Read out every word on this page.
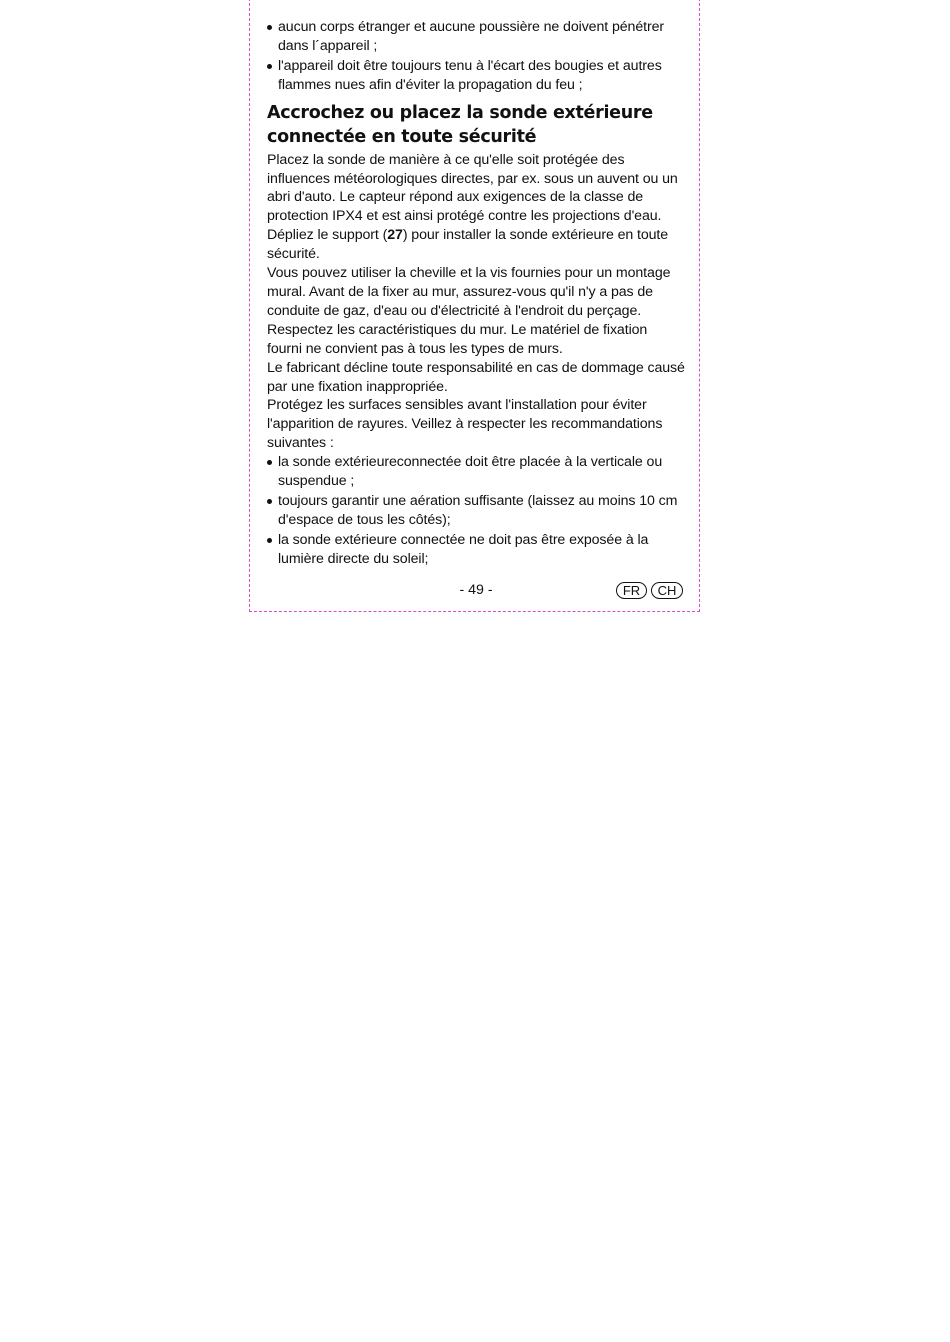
aucun corps étranger et aucune poussière ne doivent pénétrer dans l´appareil ;
l'appareil doit être toujours tenu à l'écart des bougies et autres flammes nues afin d'éviter la propagation du feu ;
Accrochez ou placez la sonde extérieure
connectée en toute sécurité

Placez la sonde de manière à ce qu'elle soit protégée des influences météorologiques directes, par ex. sous un auvent ou un abri d'auto. Le capteur répond aux exigences de la classe de protection IPX4 et est ainsi protégé contre les projections d'eau.

Dépliez le support (27) pour installer la sonde extérieure en toute sécurité.

Vous pouvez utiliser la cheville et la vis fournies pour un montage mural. Avant de la fixer au mur, assurez-vous qu'il n'y a pas de conduite de gaz, d'eau ou d'électricité à l'endroit du perçage. Respectez les caractéristiques du mur. Le matériel de fixation fourni ne convient pas à tous les types de murs.

Le fabricant décline toute responsabilité en cas de dommage causé par une fixation inappropriée.

Protégez les surfaces sensibles avant l'installation pour éviter l'apparition de rayures. Veillez à respecter les recommandations suivantes :

la sonde extérieureconnectée doit être placée à la verticale ou suspendue ;
toujours garantir une aération suffisante (laissez au moins 10 cm d'espace de tous les côtés);
la sonde extérieure connectée ne doit pas être exposée à la lumière directe du soleil;
- 49 -	FR	CH
